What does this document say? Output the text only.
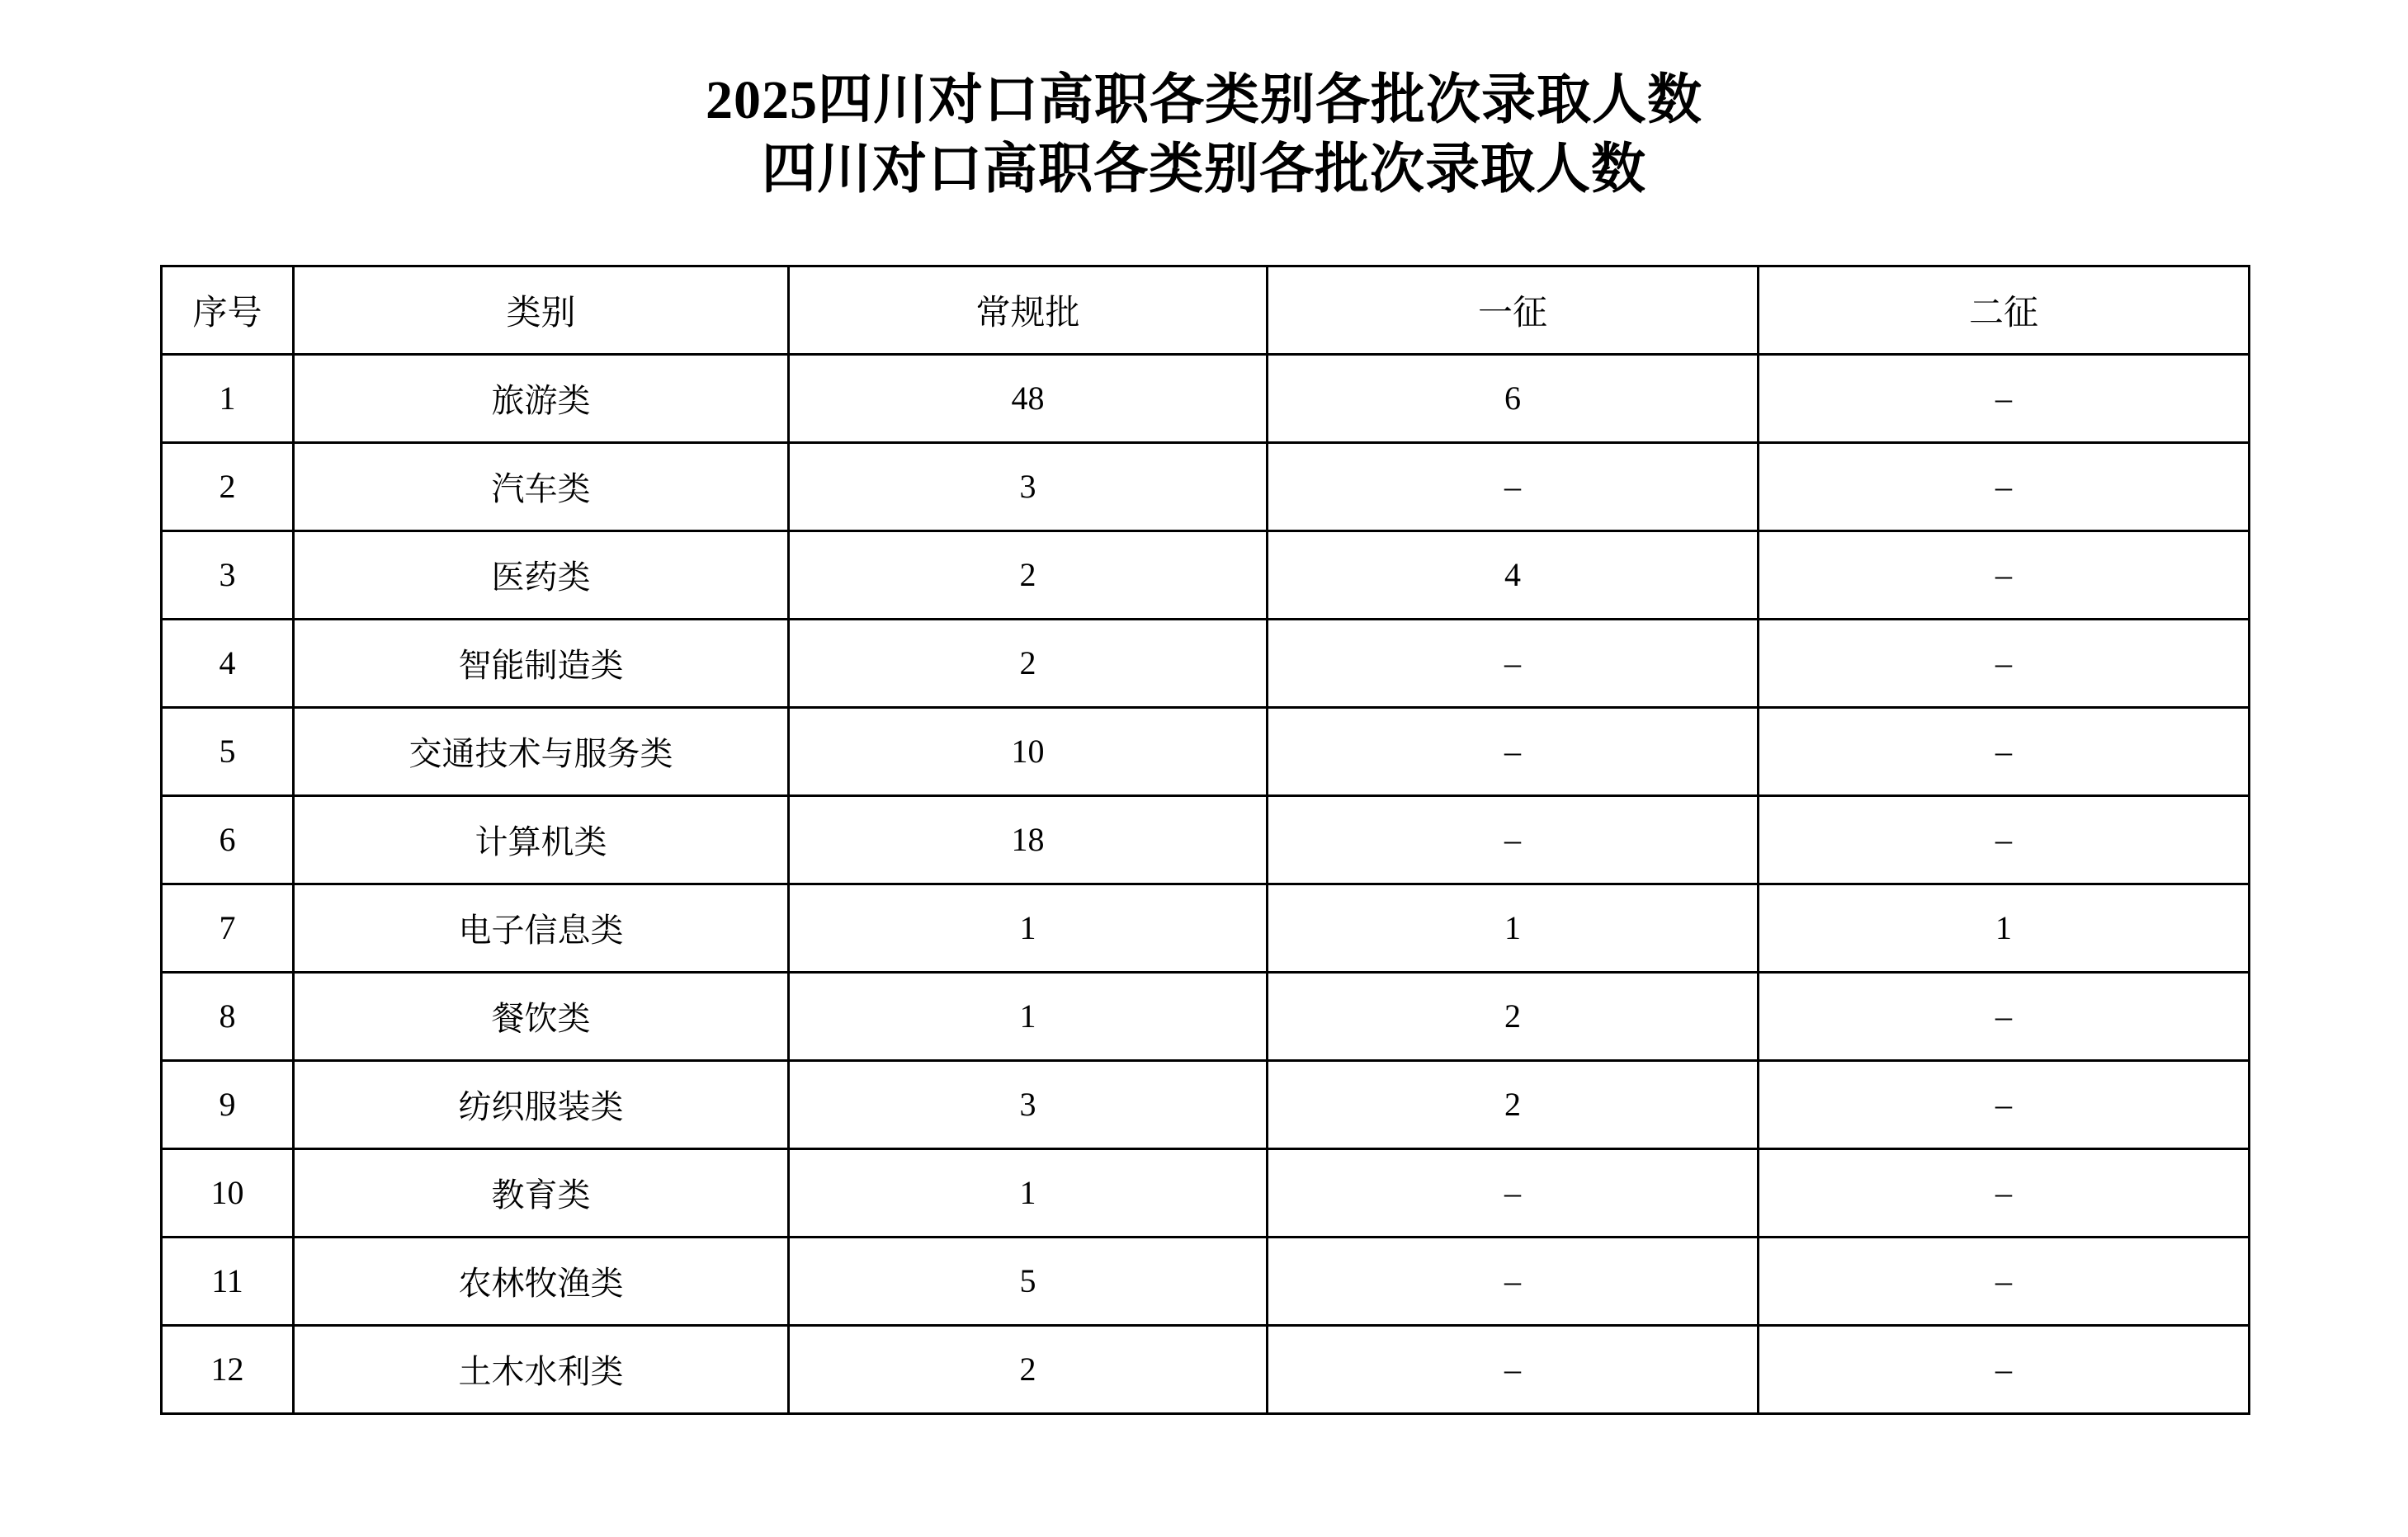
2025四川对口高职各类别各批次录取人数
四川对口高职各类别各批次录取人数
序号	类别	常规批	一征	二征
1	旅游类	48	6	–
2	汽车类	3	–	–
3	医药类	2	4	–
4	智能制造类	2	–	–
5	交通技术与服务类	10	–	–
6	计算机类	18	–	–
7	电子信息类	1	1	1
8	餐饮类	1	2	–
9	纺织服装类	3	2	–
10	教育类	1	–	–
11	农林牧渔类	5	–	–
12	土木水利类	2	–	–
